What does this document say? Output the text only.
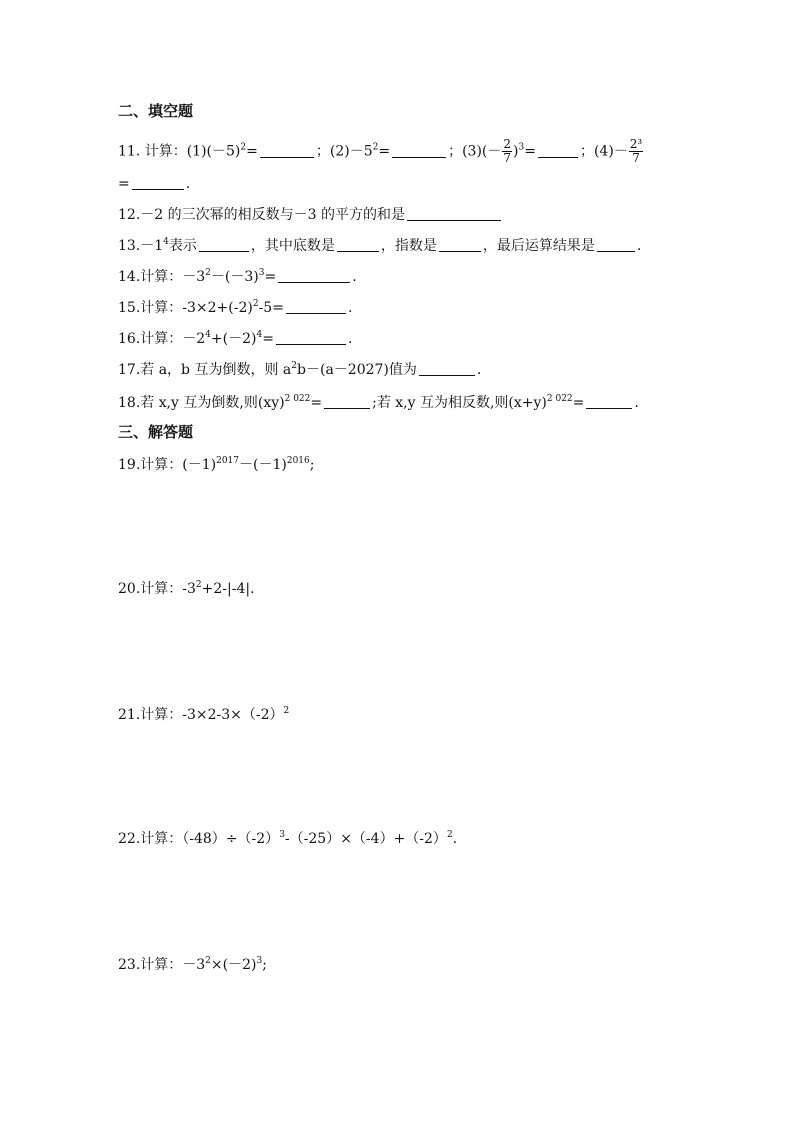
二、填空题
11. 计算：$(1)(-5)^2=$	；$(2)-5^2=$	；$(3)(- \frac{2}{7} )^3=$	；$(4)- \frac{\text{2³}}{7}$
=	.
12.－2 的三次幂的相反数与－3 的平方的和是
$13.-1^4$表示	，其中底数是	，指数是	，最后运算结果是	.
14.计算：$-3^2-(-3)^3=$	.
15.计算：$-3\times 2+(-2)^2-5=$	.
16.计算：$-2^4+(-2)^4=$	.
17.若 a，b 互为倒数，则 $a^2b-(a-2027)$值为	.
18.若 x,y 互为倒数,则(xy)$^{2 022}$=	;若 x,y 互为相反数,则$(x+y)^{2 022}=$	.
三、解答题
19.计算：$(-1)^{2017}-(-1)^{2016}$;
20.计算：$-3^2+2-|-4|$.
21.计算：$-3\times 2-3\times(-2)^2$
22.计算：$(-48)\div(-2)^3-(-25)\times(-4)+(-2)^2$.
23.计算：$-3^2\times(-2)^3$;
